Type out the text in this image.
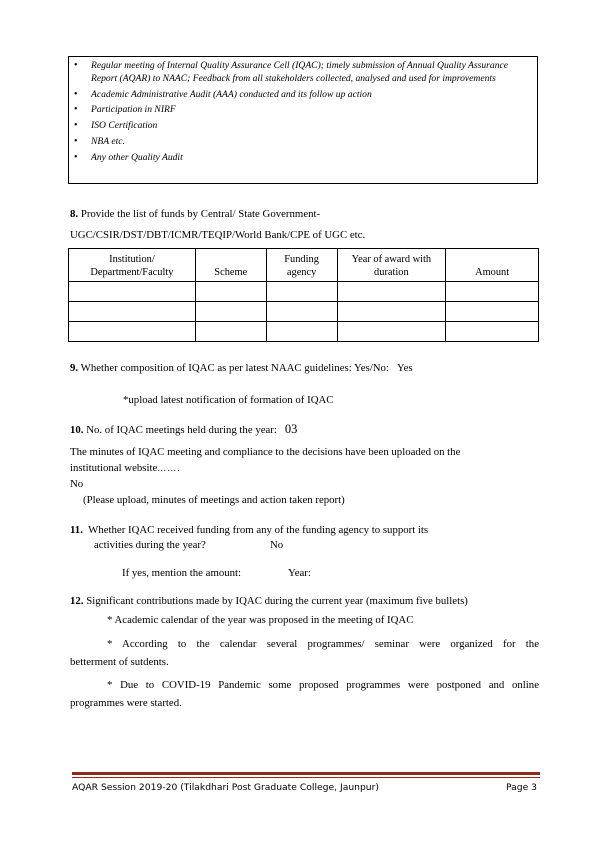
• Regular meeting of Internal Quality Assurance Cell (IQAC); timely submission of Annual Quality Assurance Report (AQAR) to NAAC; Feedback from all stakeholders collected, analysed and used for improvements
• Academic Administrative Audit (AAA) conducted and its follow up action
• Participation in NIRF
• ISO Certification
• NBA etc.
• Any other Quality Audit
8. Provide the list of funds by Central/ State Government-
UGC/CSIR/DST/DBT/ICMR/TEQIP/World Bank/CPE of UGC etc.
Institution/ Department/Faculty	Scheme	Funding agency	Year of award with duration	Amount

9. Whether composition of IQAC as per latest NAAC guidelines: Yes/No: Yes
*upload latest notification of formation of IQAC
10. No. of IQAC meetings held during the year: 03
The minutes of IQAC meeting and compliance to the decisions have been uploaded on the
institutional website…….
No
(Please upload, minutes of meetings and action taken report)
11. Whether IQAC received funding from any of the funding agency to support its
activities during the year?	No
If yes, mention the amount:	Year:
12. Significant contributions made by IQAC during the current year (maximum five bullets)
* Academic calendar of the year was proposed in the meeting of IQAC
* According to the calendar several programmes/ seminar were organized for the
betterment of sutdents.
* Due to COVID-19 Pandemic some proposed programmes were postponed and online
programmes were started.
AQAR Session 2019-20 (Tilakdhari Post Graduate College, Jaunpur)	Page 3
